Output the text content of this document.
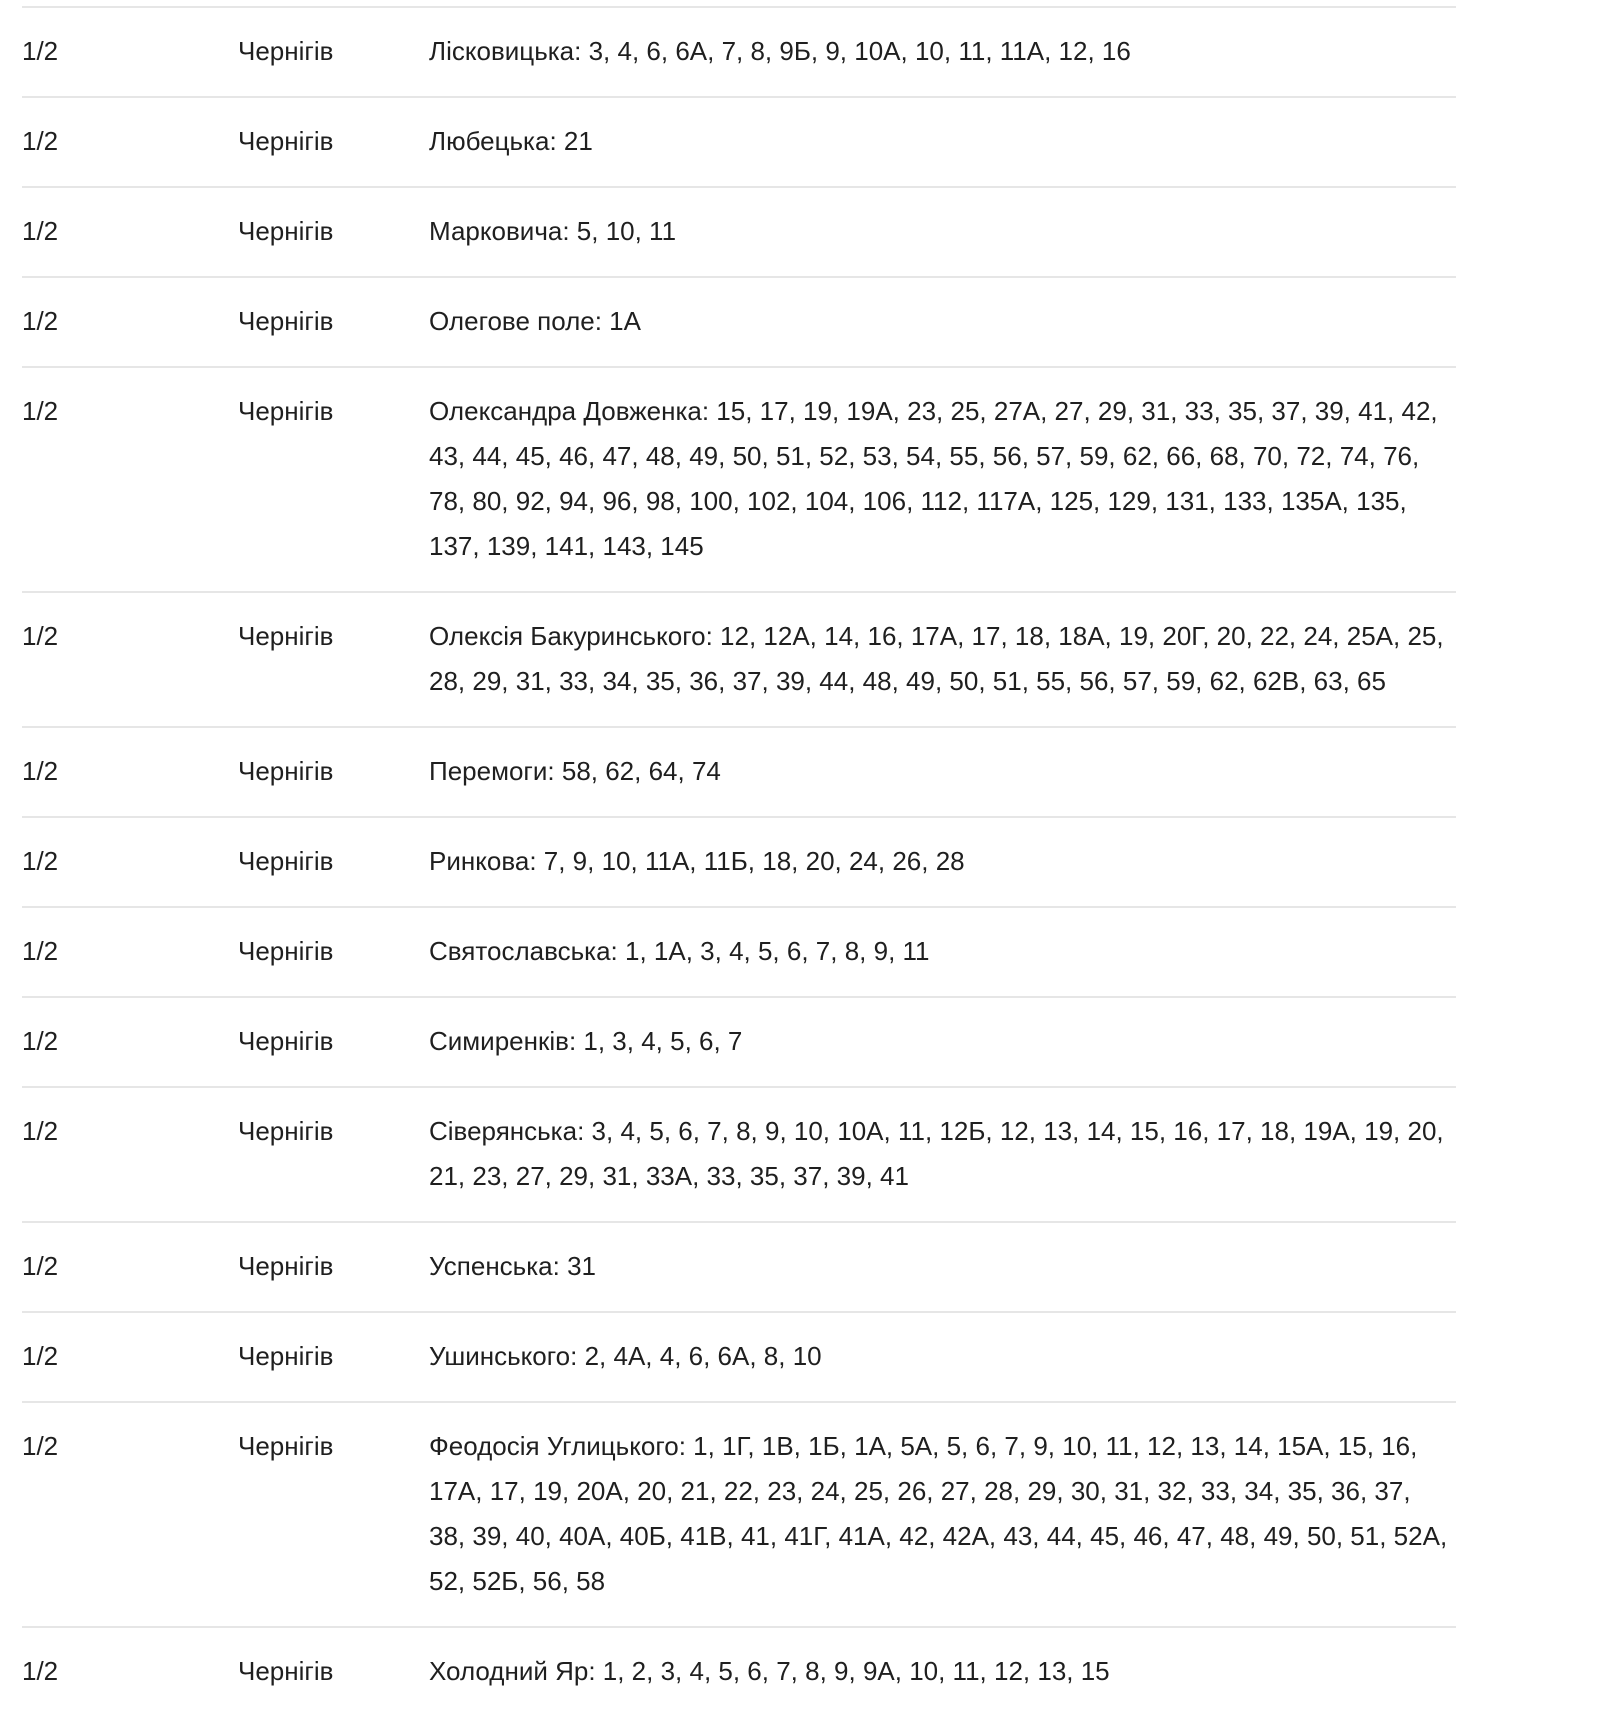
1/2	Чернігів	Лісковицька: 3, 4, 6, 6А, 7, 8, 9Б, 9, 10А, 10, 11, 11А, 12, 16
1/2	Чернігів	Любецька: 21
1/2	Чернігів	Марковича: 5, 10, 11
1/2	Чернігів	Олегове поле: 1А
1/2	Чернігів	Олександра Довженка: 15, 17, 19, 19А, 23, 25, 27А, 27, 29, 31, 33, 35, 37, 39, 41, 42, 43, 44, 45, 46, 47, 48, 49, 50, 51, 52, 53, 54, 55, 56, 57, 59, 62, 66, 68, 70, 72, 74, 76, 78, 80, 92, 94, 96, 98, 100, 102, 104, 106, 112, 117А, 125, 129, 131, 133, 135А, 135, 137, 139, 141, 143, 145
1/2	Чернігів	Олексія Бакуринського: 12, 12А, 14, 16, 17А, 17, 18, 18А, 19, 20Г, 20, 22, 24, 25А, 25, 28, 29, 31, 33, 34, 35, 36, 37, 39, 44, 48, 49, 50, 51, 55, 56, 57, 59, 62, 62В, 63, 65
1/2	Чернігів	Перемоги: 58, 62, 64, 74
1/2	Чернігів	Ринкова: 7, 9, 10, 11А, 11Б, 18, 20, 24, 26, 28
1/2	Чернігів	Святославська: 1, 1А, 3, 4, 5, 6, 7, 8, 9, 11
1/2	Чернігів	Симиренків: 1, 3, 4, 5, 6, 7
1/2	Чернігів	Сіверянська: 3, 4, 5, 6, 7, 8, 9, 10, 10А, 11, 12Б, 12, 13, 14, 15, 16, 17, 18, 19А, 19, 20, 21, 23, 27, 29, 31, 33А, 33, 35, 37, 39, 41
1/2	Чернігів	Успенська: 31
1/2	Чернігів	Ушинського: 2, 4А, 4, 6, 6А, 8, 10
1/2	Чернігів	Феодосія Углицького: 1, 1Г, 1В, 1Б, 1А, 5А, 5, 6, 7, 9, 10, 11, 12, 13, 14, 15А, 15, 16, 17А, 17, 19, 20А, 20, 21, 22, 23, 24, 25, 26, 27, 28, 29, 30, 31, 32, 33, 34, 35, 36, 37, 38, 39, 40, 40А, 40Б, 41В, 41, 41Г, 41А, 42, 42А, 43, 44, 45, 46, 47, 48, 49, 50, 51, 52А, 52, 52Б, 56, 58
1/2	Чернігів	Холодний Яр: 1, 2, 3, 4, 5, 6, 7, 8, 9, 9А, 10, 11, 12, 13, 15
